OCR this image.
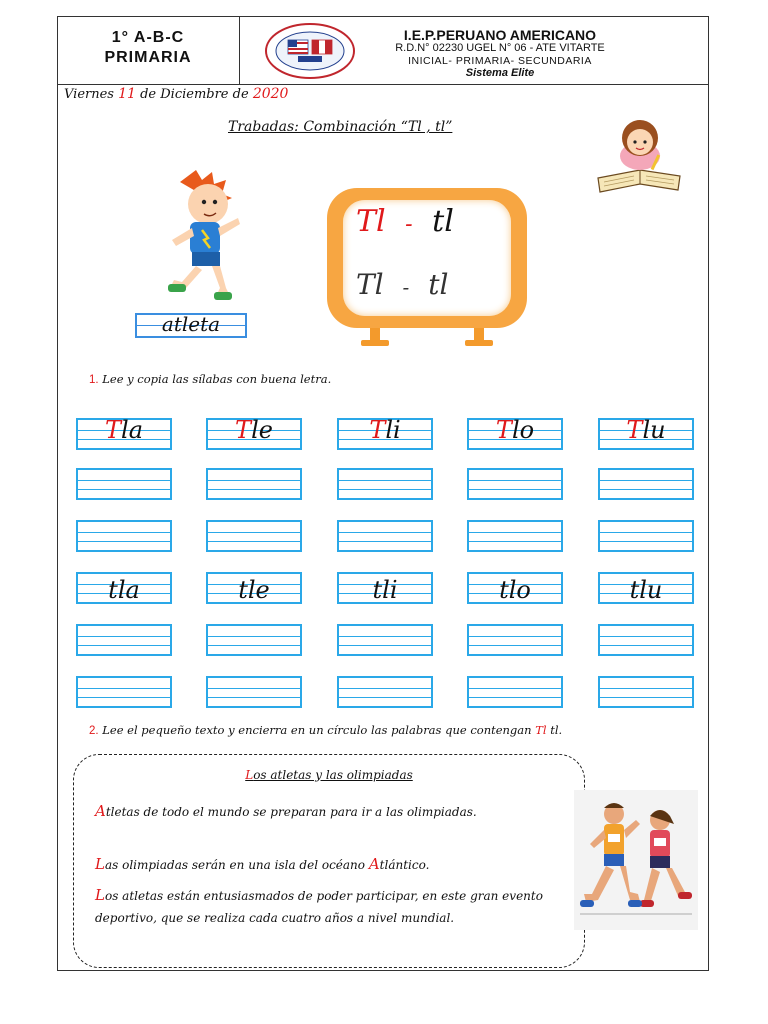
1° A-B-C
PRIMARIA
I.E.P.PERUANO AMERICANO
R.D.N° 02230 UGEL N° 06 - ATE VITARTE
INICIAL- PRIMARIA- SECUNDARIA
Sistema Elite
Viernes 11 de Diciembre de 2020
Trabadas: Combinación “Tl , tl”
atleta
Tl - tl
Tl - tl
1. Lee y copia las sílabas con buena letra.
Tla	Tle	Tli	Tlo	Tlu
tla	tle	tli	tlo	tlu
2. Lee el pequeño texto y encierra en un círculo las palabras que contengan Tl tl.
Los atletas y las olimpiadas
Atletas de todo el mundo se preparan para ir a las olimpiadas.
Las olimpiadas serán en una isla del océano Atlántico.
Los atletas están entusiasmados de poder participar, en este gran evento deportivo, que se realiza cada cuatro años a nivel mundial.
